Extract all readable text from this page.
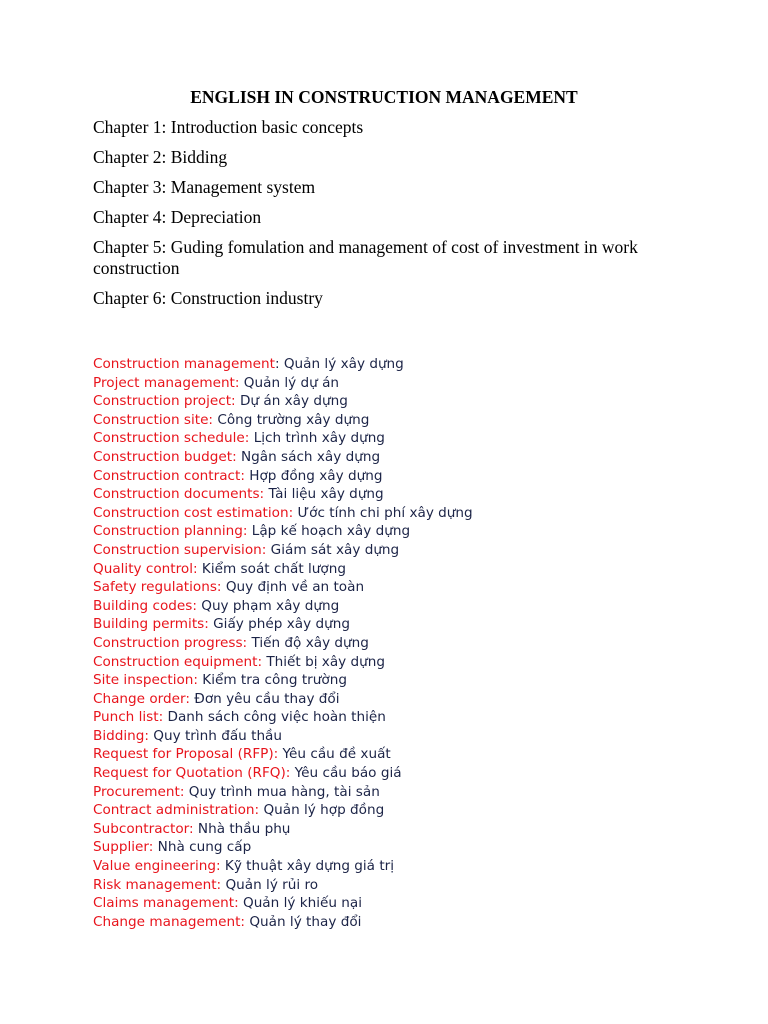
ENGLISH IN CONSTRUCTION MANAGEMENT

Chapter 1: Introduction basic concepts

Chapter 2: Bidding

Chapter 3: Management system

Chapter 4: Depreciation

Chapter 5: Guding fomulation and management of cost of investment in work construction

Chapter 6: Construction industry

Construction management: Quản lý xây dựng
Project management: Quản lý dự án
Construction project: Dự án xây dựng
Construction site: Công trường xây dựng
Construction schedule: Lịch trình xây dựng
Construction budget: Ngân sách xây dựng
Construction contract: Hợp đồng xây dựng
Construction documents: Tài liệu xây dựng
Construction cost estimation: Ước tính chi phí xây dựng
Construction planning: Lập kế hoạch xây dựng
Construction supervision: Giám sát xây dựng
Quality control: Kiểm soát chất lượng
Safety regulations: Quy định về an toàn
Building codes: Quy phạm xây dựng
Building permits: Giấy phép xây dựng
Construction progress: Tiến độ xây dựng
Construction equipment: Thiết bị xây dựng
Site inspection: Kiểm tra công trường
Change order: Đơn yêu cầu thay đổi
Punch list: Danh sách công việc hoàn thiện
Bidding: Quy trình đấu thầu
Request for Proposal (RFP): Yêu cầu đề xuất
Request for Quotation (RFQ): Yêu cầu báo giá
Procurement: Quy trình mua hàng, tài sản
Contract administration: Quản lý hợp đồng
Subcontractor: Nhà thầu phụ
Supplier: Nhà cung cấp
Value engineering: Kỹ thuật xây dựng giá trị
Risk management: Quản lý rủi ro
Claims management: Quản lý khiếu nại
Change management: Quản lý thay đổi
